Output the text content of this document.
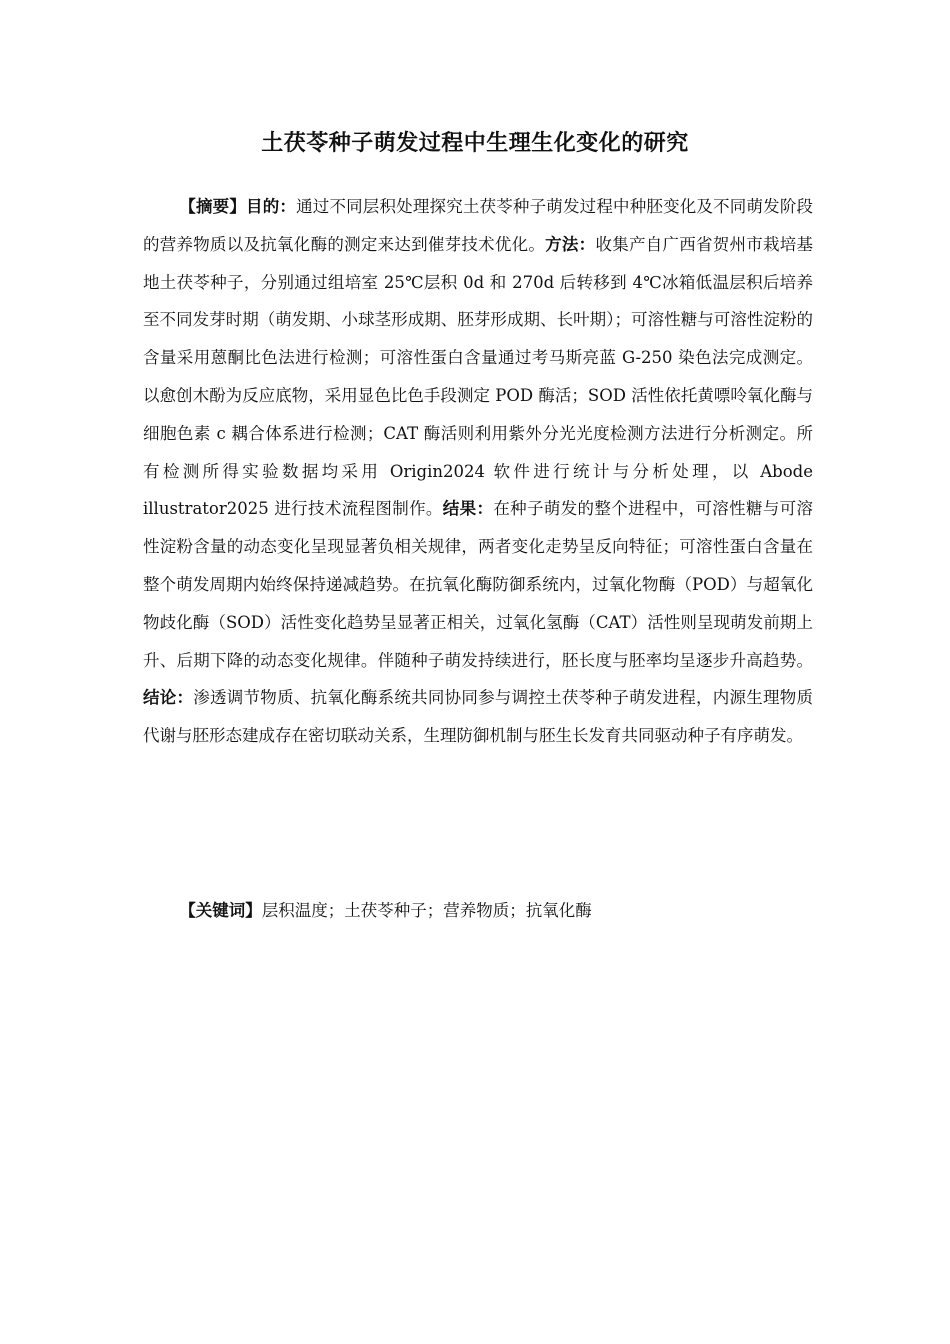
土茯苓种子萌发过程中生理生化变化的研究

【摘要】目的：通过不同层积处理探究土茯苓种子萌发过程中种胚变化及不同萌发阶段的营养物质以及抗氧化酶的测定来达到催芽技术优化。方法：收集产自广西省贺州市栽培基地土茯苓种子，分别通过组培室 25℃层积 0d 和 270d 后转移到 4℃冰箱低温层积后培养至不同发芽时期（萌发期、小球茎形成期、胚芽形成期、长叶期）；可溶性糖与可溶性淀粉的含量采用蒽酮比色法进行检测；可溶性蛋白含量通过考马斯亮蓝 G-250 染色法完成测定。以愈创木酚为反应底物，采用显色比色手段测定 POD 酶活；SOD 活性依托黄嘌呤氧化酶与细胞色素 c 耦合体系进行检测；CAT 酶活则利用紫外分光光度检测方法进行分析测定。所有检测所得实验数据均采用 Origin2024 软件进行统计与分析处理，以 Abode illustrator2025 进行技术流程图制作。结果：在种子萌发的整个进程中，可溶性糖与可溶性淀粉含量的动态变化呈现显著负相关规律，两者变化走势呈反向特征；可溶性蛋白含量在整个萌发周期内始终保持递减趋势。在抗氧化酶防御系统内，过氧化物酶（POD）与超氧化物歧化酶（SOD）活性变化趋势呈显著正相关，过氧化氢酶（CAT）活性则呈现萌发前期上升、后期下降的动态变化规律。伴随种子萌发持续进行，胚长度与胚率均呈逐步升高趋势。结论：渗透调节物质、抗氧化酶系统共同协同参与调控土茯苓种子萌发进程，内源生理物质代谢与胚形态建成存在密切联动关系，生理防御机制与胚生长发育共同驱动种子有序萌发。

【关键词】层积温度；土茯苓种子；营养物质；抗氧化酶
